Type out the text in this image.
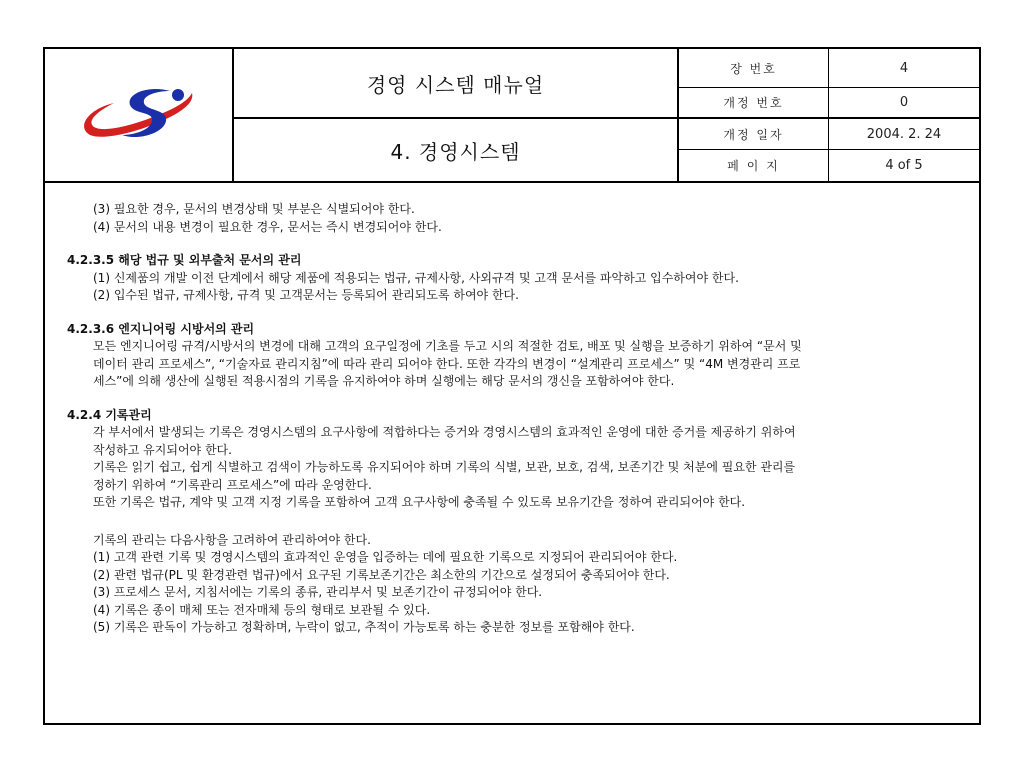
경영 시스템 매뉴얼
4. 경영시스템
장 번호	4
개정 번호	0
개정 일자	2004. 2. 24
페 이 지	4 of 5

(3) 필요한 경우, 문서의 변경상태 및 부분은 식별되어야 한다.

(4) 문서의 내용 변경이 필요한 경우, 문서는 즉시 변경되어야 한다.

4.2.3.5 해당 법규 및 외부출처 문서의 관리

(1) 신제품의 개발 이전 단계에서 해당 제품에 적용되는 법규, 규제사항, 사외규격 및 고객 문서를 파악하고 입수하여야 한다.

(2) 입수된 법규, 규제사항, 규격 및 고객문서는 등록되어 관리되도록 하여야 한다.

4.2.3.6 엔지니어링 시방서의 관리

모든 엔지니어링 규격/시방서의 변경에 대해 고객의 요구일정에 기초를 두고 시의 적절한 검토, 배포 및 실행을 보증하기 위하여 “문서 및

데이터 관리 프로세스”, “기술자료 관리지침”에 따라 관리 되어야 한다. 또한 각각의 변경이 “설계관리 프로세스” 및 “4M 변경관리 프로

세스”에 의해 생산에 실행된 적용시점의 기록을 유지하여야 하며 실행에는 해당 문서의 갱신을 포함하여야 한다.

4.2.4 기록관리

각 부서에서 발생되는 기록은 경영시스템의 요구사항에 적합하다는 증거와 경영시스템의 효과적인 운영에 대한 증거를 제공하기 위하여

작성하고 유지되어야 한다.

기록은 읽기 쉽고, 쉽게 식별하고 검색이 가능하도록 유지되어야 하며 기록의 식별, 보관, 보호, 검색, 보존기간 및 처분에 필요한 관리를

정하기 위하여 “기록관리 프로세스”에 따라 운영한다.

또한 기록은 법규, 계약 및 고객 지정 기록을 포함하여 고객 요구사항에 충족될 수 있도록 보유기간을 정하여 관리되어야 한다.

기록의 관리는 다음사항을 고려하여 관리하여야 한다.

(1) 고객 관련 기록 및 경영시스템의 효과적인 운영을 입증하는 데에 필요한 기록으로 지정되어 관리되어야 한다.

(2) 관련 법규(PL 및 환경관련 법규)에서 요구된 기록보존기간은 최소한의 기간으로 설정되어 충족되어야 한다.

(3) 프로세스 문서, 지침서에는 기록의 종류, 관리부서 및 보존기간이 규정되어야 한다.

(4) 기록은 종이 매체 또는 전자매체 등의 형태로 보관될 수 있다.

(5) 기록은 판독이 가능하고 정확하며, 누락이 없고, 추적이 가능토록 하는 충분한 정보를 포함해야 한다.
